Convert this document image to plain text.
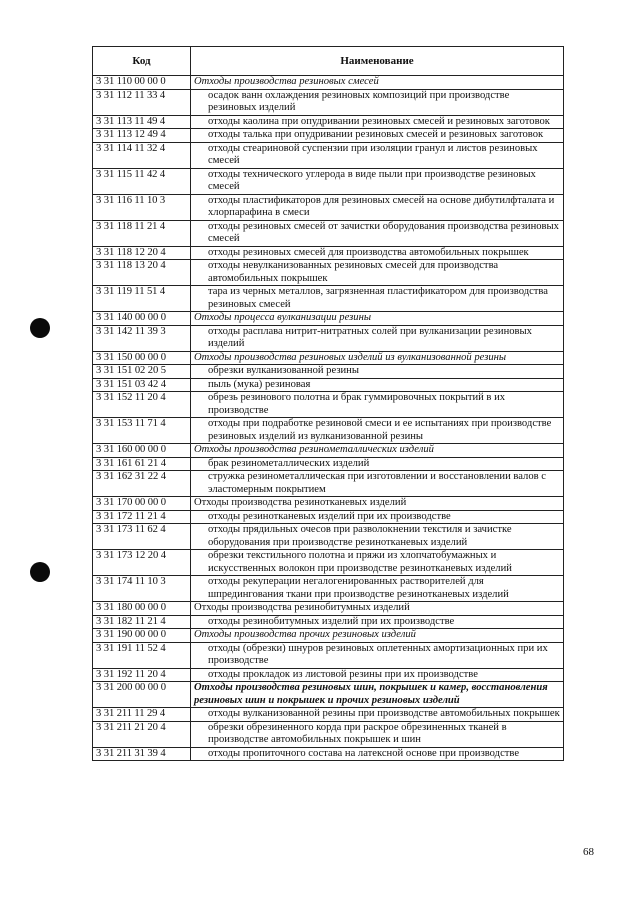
Код	Наименование
3 31 110 00 00 0	Отходы производства резиновых смесей
3 31 112 11 33 4	осадок ванн охлаждения резиновых композиций при производстве резиновых изделий

3 31 113 11 49 4	отходы каолина при опудривании резиновых смесей и резиновых заготовок

3 31 113 12 49 4	отходы талька при опудривании резиновых смесей и резиновых заготовок

3 31 114 11 32 4	отходы стеариновой суспензии при изоляции гранул и листов резиновых смесей

3 31 115 11 42 4	отходы технического углерода в виде пыли при производстве резиновых смесей

3 31 116 11 10 3	отходы пластификаторов для резиновых смесей на основе дибутилфталата и хлорпарафина в смеси

3 31 118 11 21 4	отходы резиновых смесей от зачистки оборудования производства резиновых смесей

3 31 118 12 20 4	отходы резиновых смесей для производства автомобильных покрышек

3 31 118 13 20 4	отходы невулканизованных резиновых смесей для производства автомобильных покрышек

3 31 119 11 51 4	тара из черных металлов, загрязненная пластификатором для производства резиновых смесей

3 31 140 00 00 0	Отходы процесса вулканизации резины
3 31 142 11 39 3	отходы расплава нитрит-нитратных солей при вулканизации резиновых изделий

3 31 150 00 00 0	Отходы производства резиновых изделий из вулканизованной резины
3 31 151 02 20 5	обрезки вулканизованной резины

3 31 151 03 42 4	пыль (мука) резиновая

3 31 152 11 20 4	обрезь резинового полотна и брак гуммировочных покрытий в их производстве

3 31 153 11 71 4	отходы при подработке резиновой смеси и ее испытаниях при производстве резиновых изделий из вулканизованной резины

3 31 160 00 00 0	Отходы производства резинометаллических изделий
3 31 161 61 21 4	брак резинометаллических изделий

3 31 162 31 22 4	стружка резинометаллическая при изготовлении и восстановлении валов с эластомерным покрытием

3 31 170 00 00 0	Отходы производства резинотканевых изделий
3 31 172 11 21 4	отходы резинотканевых изделий при их производстве

3 31 173 11 62 4	отходы прядильных очесов при разволокнении текстиля и зачистке оборудования при производстве резинотканевых изделий

3 31 173 12 20 4	обрезки текстильного полотна и пряжи из хлопчатобумажных и искусственных волокон при производстве резинотканевых изделий

3 31 174 11 10 3	отходы рекуперации негалогенированных растворителей для шпредингования ткани при производстве резинотканевых изделий

3 31 180 00 00 0	Отходы производства резинобитумных изделий
3 31 182 11 21 4	отходы резинобитумных изделий при их производстве

3 31 190 00 00 0	Отходы производства прочих резиновых изделий
3 31 191 11 52 4	отходы (обрезки) шнуров резиновых оплетенных амортизационных при их производстве

3 31 192 11 20 4	отходы прокладок из листовой резины при их производстве

3 31 200 00 00 0	Отходы производства резиновых шин, покрышек и камер, восстановления резиновых шин и покрышек и прочих резиновых изделий
3 31 211 11 29 4	отходы вулканизованной резины при производстве автомобильных покрышек

3 31 211 21 20 4	обрезки обрезиненного корда при раскрое обрезиненных тканей в производстве автомобильных покрышек и шин

3 31 211 31 39 4	отходы пропиточного состава на латексной основе при производстве
68
